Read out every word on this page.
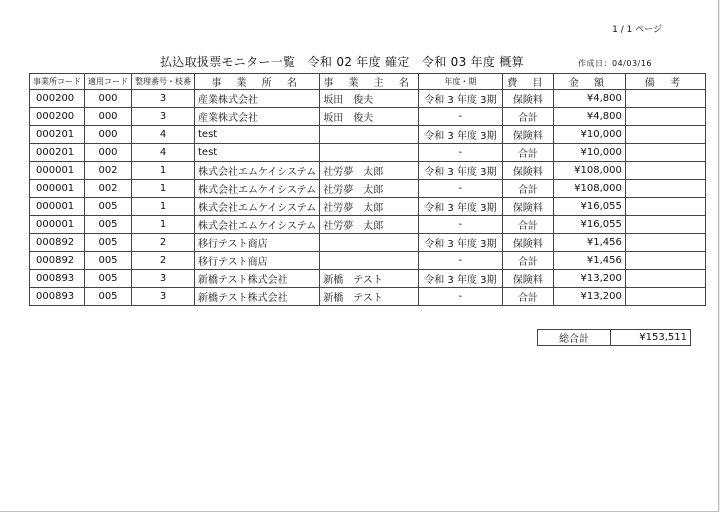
1 / 1 ページ
払込取扱票モニター一覧　令和 02 年度 確定　令和 03 年度 概算	作成日：04/03/16
事業所コード	適用コード	整理番号・枝番	事 業 所 名	事 業 主 名	年度・期	費 目	金 額	備 考
000200	000	3	産業株式会社	坂田　俊夫	令和 3 年度 3期	保険料	¥4,800	
000200	000	3	産業株式会社	坂田　俊夫	-	合計	¥4,800	
000201	000	4	test		令和 3 年度 3期	保険料	¥10,000	
000201	000	4	test		-	合計	¥10,000	
000001	002	1	株式会社エムケイシステム	社労夢　太郎	令和 3 年度 3期	保険料	¥108,000	
000001	002	1	株式会社エムケイシステム	社労夢　太郎	-	合計	¥108,000	
000001	005	1	株式会社エムケイシステム	社労夢　太郎	令和 3 年度 3期	保険料	¥16,055	
000001	005	1	株式会社エムケイシステム	社労夢　太郎	-	合計	¥16,055	
000892	005	2	移行テスト商店		令和 3 年度 3期	保険料	¥1,456	
000892	005	2	移行テスト商店		-	合計	¥1,456	
000893	005	3	新橋テスト株式会社	新橋　テスト	令和 3 年度 3期	保険料	¥13,200	
000893	005	3	新橋テスト株式会社	新橋　テスト	-	合計	¥13,200	
総合計	¥153,511
